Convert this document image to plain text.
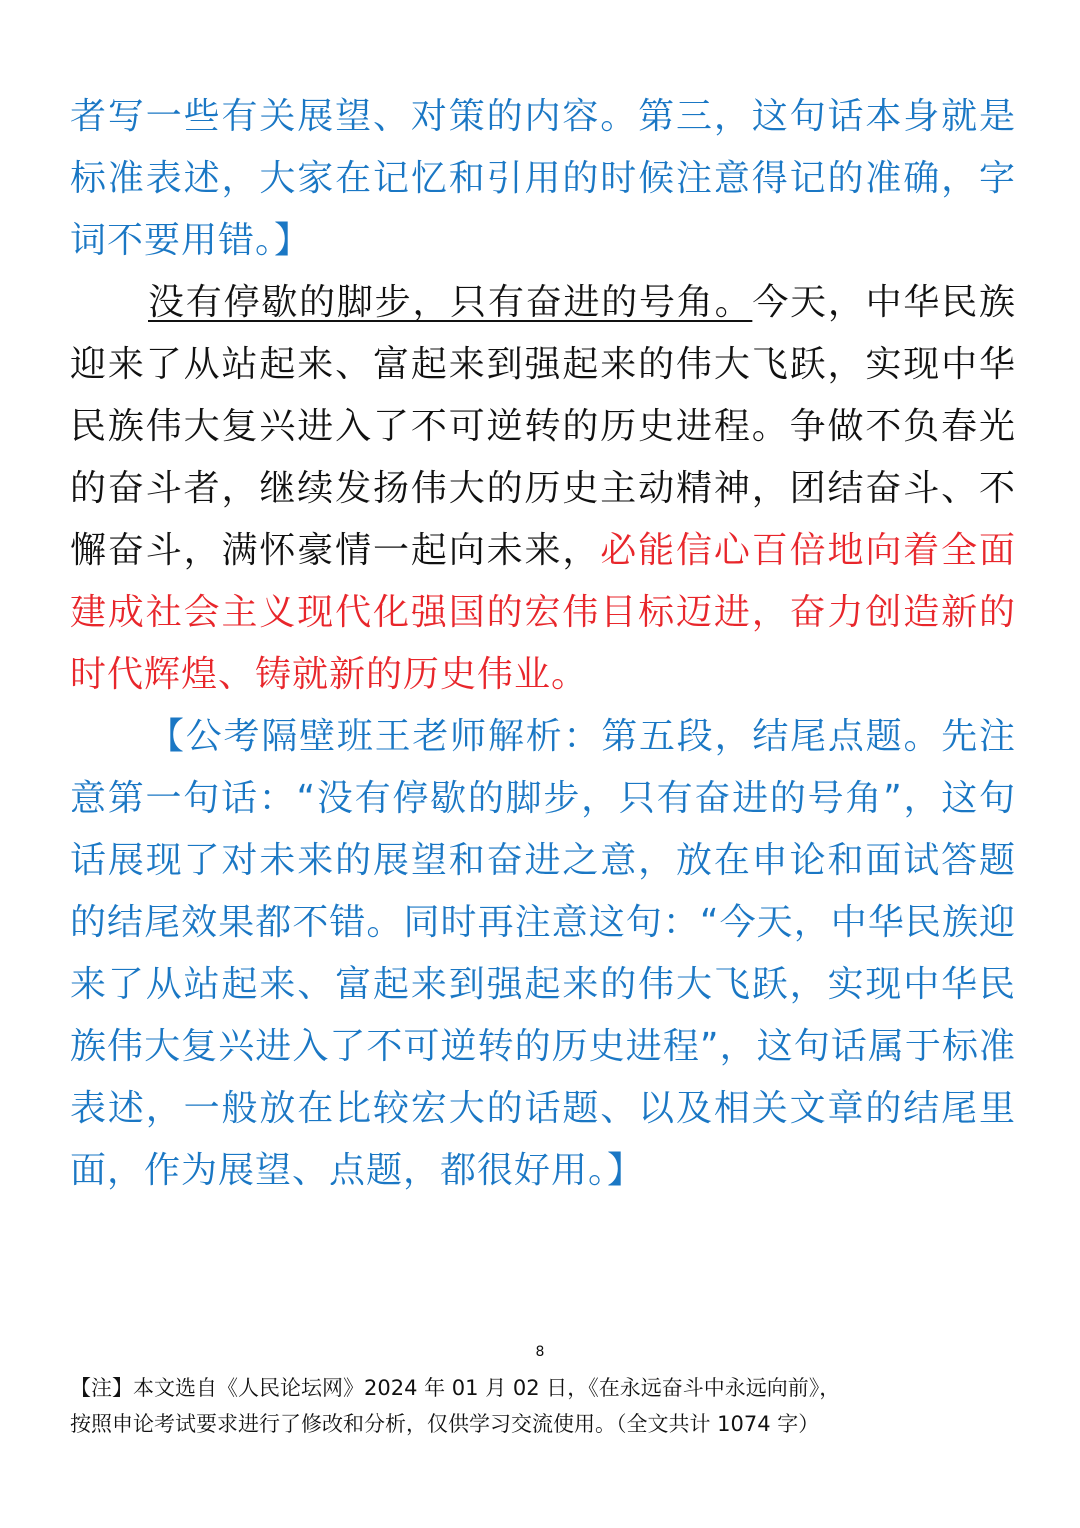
者写一些有关展望、对策的内容。第三，这句话本身就是标准表述，大家在记忆和引用的时候注意得记的准确，字词不要用错。】

没有停歇的脚步，只有奋进的号角。今天，中华民族迎来了从站起来、富起来到强起来的伟大飞跃，实现中华民族伟大复兴进入了不可逆转的历史进程。争做不负春光的奋斗者，继续发扬伟大的历史主动精神，团结奋斗、不懈奋斗，满怀豪情一起向未来，必能信心百倍地向着全面建成社会主义现代化强国的宏伟目标迈进，奋力创造新的时代辉煌、铸就新的历史伟业。

【公考隔壁班王老师解析：第五段，结尾点题。先注意第一句话：“没有停歇的脚步，只有奋进的号角”，这句话展现了对未来的展望和奋进之意，放在申论和面试答题的结尾效果都不错。同时再注意这句：“今天，中华民族迎来了从站起来、富起来到强起来的伟大飞跃，实现中华民族伟大复兴进入了不可逆转的历史进程”，这句话属于标准表述，一般放在比较宏大的话题、以及相关文章的结尾里面，作为展望、点题，都很好用。】

8
【注】本文选自《人民论坛网》2024 年 01 月 02 日，《在永远奋斗中永远向前》，
按照申论考试要求进行了修改和分析，仅供学习交流使用。（全文共计 1074 字）
